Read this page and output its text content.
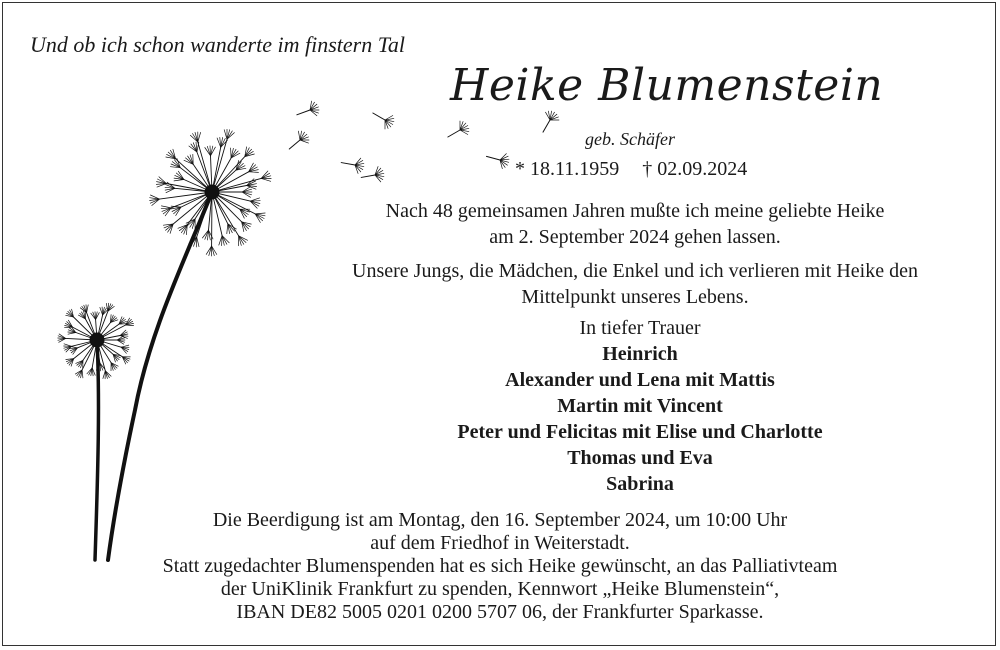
Und ob ich schon wanderte im finstern Tal
Heike Blumenstein
geb. Schäfer
* 18.11.1959 † 02.09.2024
Nach 48 gemeinsamen Jahren mußte ich meine geliebte Heike
am 2. September 2024 gehen lassen.
Unsere Jungs, die Mädchen, die Enkel und ich verlieren mit Heike den
Mittelpunkt unseres Lebens.
In tiefer Trauer
Heinrich
Alexander und Lena mit Mattis
Martin mit Vincent
Peter und Felicitas mit Elise und Charlotte
Thomas und Eva
Sabrina
Die Beerdigung ist am Montag, den 16. September 2024, um 10:00 Uhr
auf dem Friedhof in Weiterstadt.
Statt zugedachter Blumenspenden hat es sich Heike gewünscht, an das Palliativteam
der UniKlinik Frankfurt zu spenden, Kennwort „Heike Blumenstein“,
IBAN DE82 5005 0201 0200 5707 06, der Frankfurter Sparkasse.
